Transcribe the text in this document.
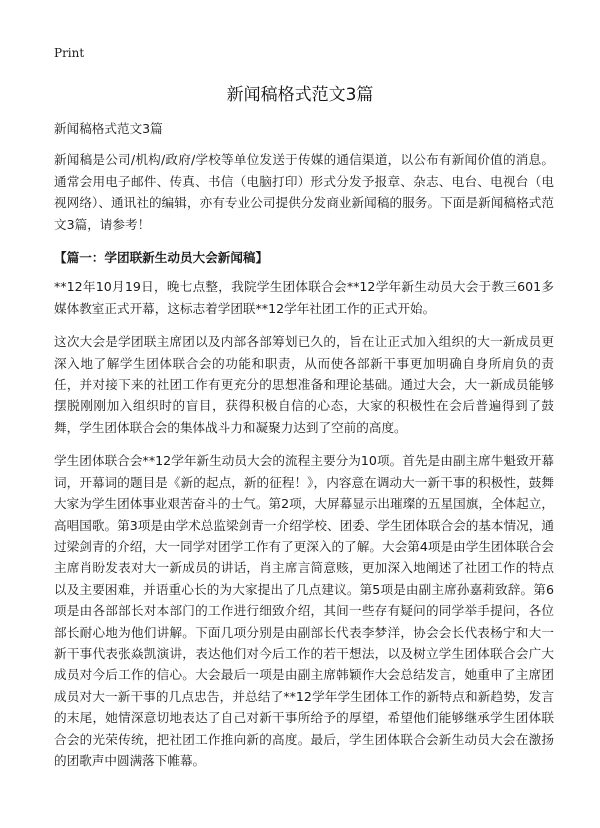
Print
新闻稿格式范文3篇

新闻稿格式范文3篇

新闻稿是公司/机构/政府/学校等单位发送于传媒的通信渠道，以公布有新闻价值的消息。通常会用电子邮件、传真、书信（电脑打印）形式分发予报章、杂志、电台、电视台（电视网络）、通讯社的编辑，亦有专业公司提供分发商业新闻稿的服务。下面是新闻稿格式范文3篇，请参考！

【篇一：学团联新生动员大会新闻稿】

**12年10月19日，晚七点整，我院学生团体联合会**12学年新生动员大会于教三601多媒体教室正式开幕，这标志着学团联**12学年社团工作的正式开始。

这次大会是学团联主席团以及内部各部筹划已久的，旨在让正式加入组织的大一新成员更深入地了解学生团体联合会的功能和职责，从而使各部新干事更加明确自身所肩负的责任，并对接下来的社团工作有更充分的思想准备和理论基础。通过大会，大一新成员能够摆脱刚刚加入组织时的盲目，获得积极自信的心态，大家的积极性在会后普遍得到了鼓舞，学生团体联合会的集体战斗力和凝聚力达到了空前的高度。

学生团体联合会**12学年新生动员大会的流程主要分为10项。首先是由副主席牛魁致开幕词，开幕词的题目是《新的起点，新的征程！》，内容意在调动大一新干事的积极性，鼓舞大家为学生团体事业艰苦奋斗的士气。第2项，大屏幕显示出璀璨的五星国旗，全体起立，高唱国歌。第3项是由学术总监梁剑青一介绍学校、团委、学生团体联合会的基本情况，通过梁剑青的介绍，大一同学对团学工作有了更深入的了解。大会第4项是由学生团体联合会主席肖盼发表对大一新成员的讲话，肖主席言简意赅，更加深入地阐述了社团工作的特点以及主要困难，并语重心长的为大家提出了几点建议。第5项是由副主席孙嘉莉致辞。第6项是由各部部长对本部门的工作进行细致介绍，其间一些存有疑问的同学举手提问，各位部长耐心地为他们讲解。下面几项分别是由副部长代表李梦洋，协会会长代表杨宁和大一新干事代表张焱凯演讲，表达他们对今后工作的若干想法，以及树立学生团体联合会广大成员对今后工作的信心。大会最后一项是由副主席韩颖作大会总结发言，她重申了主席团成员对大一新干事的几点忠告，并总结了**12学年学生团体工作的新特点和新趋势，发言的末尾，她情深意切地表达了自己对新干事所给予的厚望，希望他们能够继承学生团体联合会的光荣传统，把社团工作推向新的高度。最后，学生团体联合会新生动员大会在激扬的团歌声中圆满落下帷幕。
